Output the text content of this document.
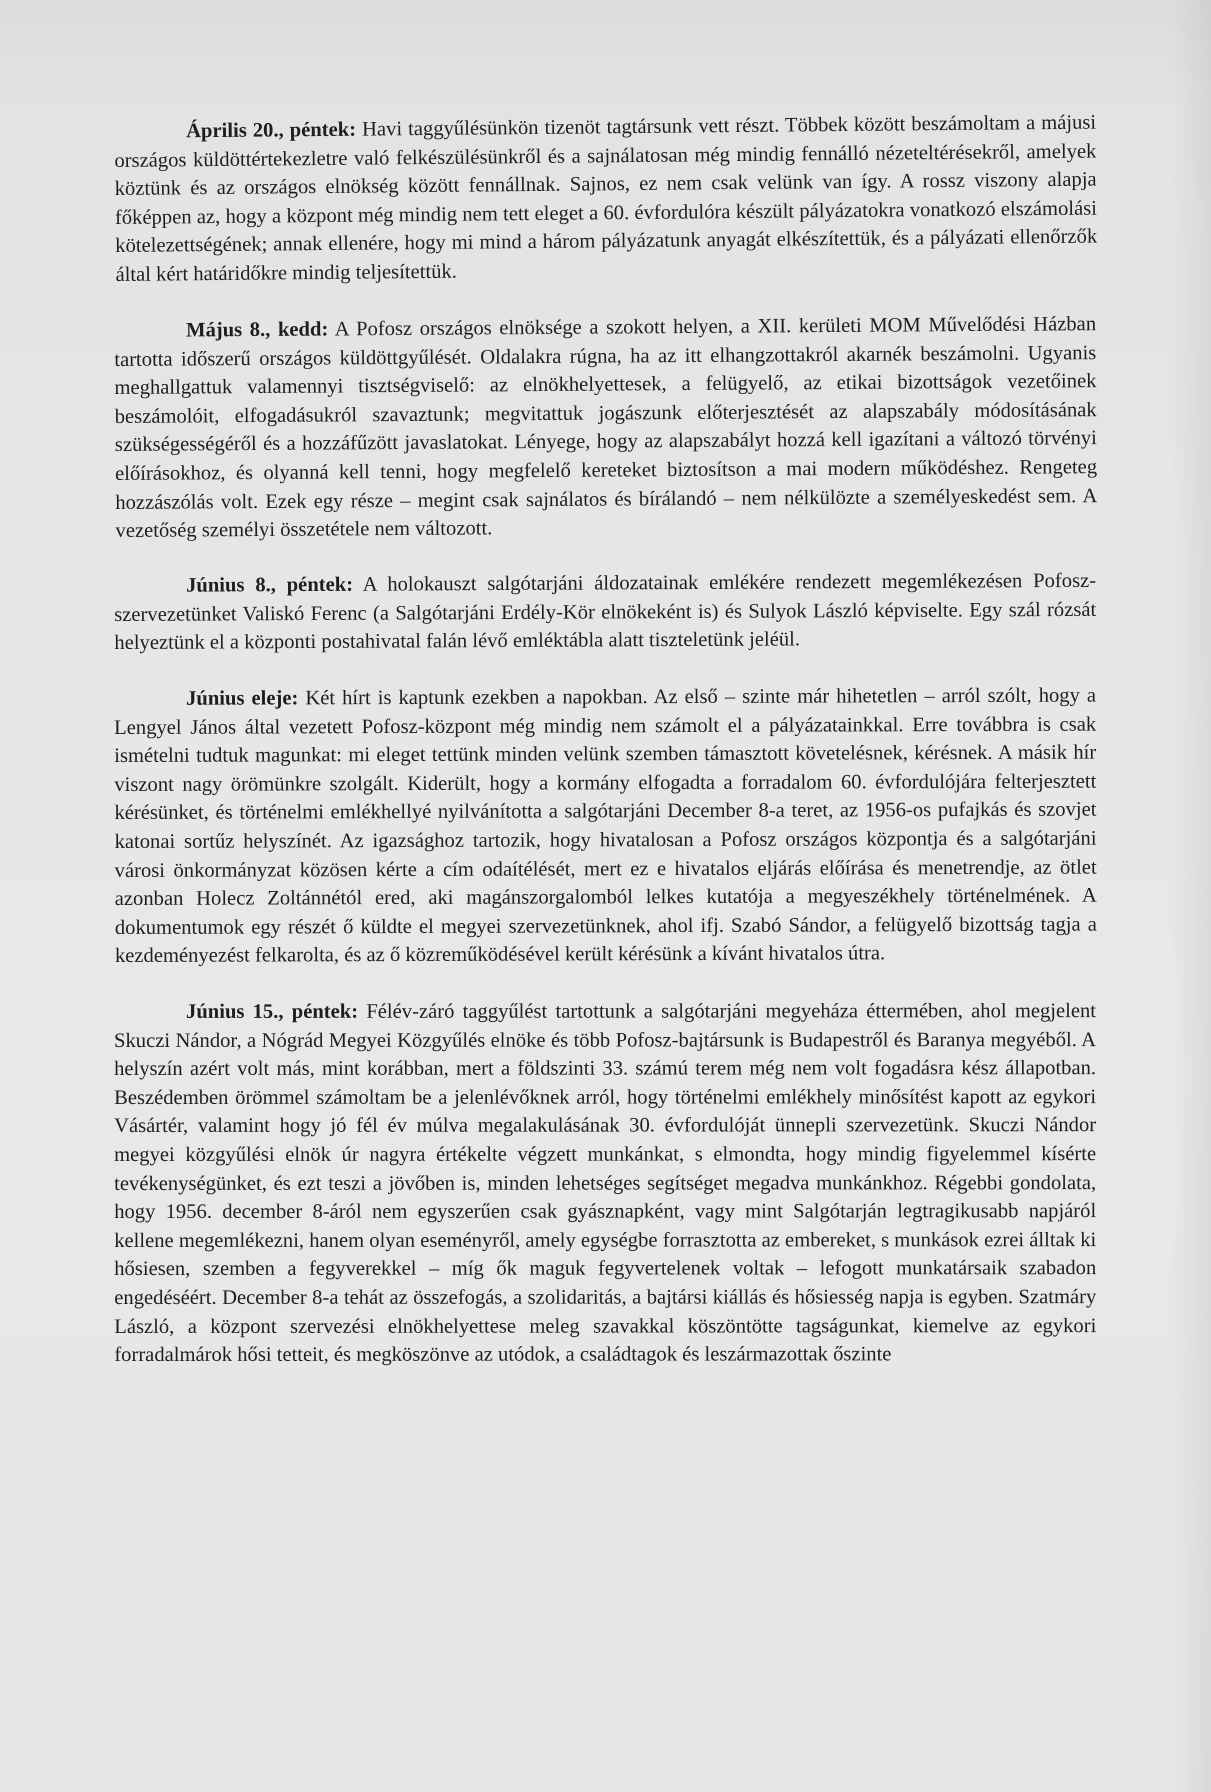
Április 20., péntek: Havi taggyűlésünkön tizenöt tagtársunk vett részt. Többek között beszámoltam a májusi országos küldöttértekezletre való felkészülésünkről és a sajnálatosan még mindig fennálló nézeteltérésekről, amelyek köztünk és az országos elnökség között fennállnak. Sajnos, ez nem csak velünk van így. A rossz viszony alapja főképpen az, hogy a központ még mindig nem tett eleget a 60. évfordulóra készült pályázatokra vonatkozó elszámolási kötelezettségének; annak ellenére, hogy mi mind a három pályázatunk anyagát elkészítettük, és a pályázati ellenőrzők által kért határidőkre mindig teljesítettük.

Május 8., kedd: A Pofosz országos elnöksége a szokott helyen, a XII. kerületi MOM Művelődési Házban tartotta időszerű országos küldöttgyűlését. Oldalakra rúgna, ha az itt elhangzottakról akarnék beszámolni. Ugyanis meghallgattuk valamennyi tisztségviselő: az elnökhelyettesek, a felügyelő, az etikai bizottságok vezetőinek beszámolóit, elfogadásukról szavaztunk; megvitattuk jogászunk előterjesztését az alapszabály módosításának szükségességéről és a hozzáfűzött javaslatokat. Lényege, hogy az alapszabályt hozzá kell igazítani a változó törvényi előírásokhoz, és olyanná kell tenni, hogy megfelelő kereteket biztosítson a mai modern működéshez. Rengeteg hozzászólás volt. Ezek egy része – megint csak sajnálatos és bírálandó – nem nélkülözte a személyeskedést sem. A vezetőség személyi összetétele nem változott.

Június 8., péntek: A holokauszt salgótarjáni áldozatainak emlékére rendezett megemlékezésen Pofosz-szervezetünket Valiskó Ferenc (a Salgótarjáni Erdély-Kör elnökeként is) és Sulyok László képviselte. Egy szál rózsát helyeztünk el a központi postahivatal falán lévő emléktábla alatt tiszteletünk jeléül.

Június eleje: Két hírt is kaptunk ezekben a napokban. Az első – szinte már hihetetlen – arról szólt, hogy a Lengyel János által vezetett Pofosz-központ még mindig nem számolt el a pályázatainkkal. Erre továbbra is csak ismételni tudtuk magunkat: mi eleget tettünk minden velünk szemben támasztott követelésnek, kérésnek. A másik hír viszont nagy örömünkre szolgált. Kiderült, hogy a kormány elfogadta a forradalom 60. évfordulójára felterjesztett kérésünket, és történelmi emlékhellyé nyilvánította a salgótarjáni December 8-a teret, az 1956-os pufajkás és szovjet katonai sortűz helyszínét. Az igazsághoz tartozik, hogy hivatalosan a Pofosz országos központja és a salgótarjáni városi önkormányzat közösen kérte a cím odaítélését, mert ez e hivatalos eljárás előírása és menetrendje, az ötlet azonban Holecz Zoltánnétól ered, aki magánszorgalomból lelkes kutatója a megyeszékhely történelmének. A dokumentumok egy részét ő küldte el megyei szervezetünknek, ahol ifj. Szabó Sándor, a felügyelő bizottság tagja a kezdeményezést felkarolta, és az ő közreműködésével került kérésünk a kívánt hivatalos útra.

Június 15., péntek: Félév-záró taggyűlést tartottunk a salgótarjáni megyeháza éttermében, ahol megjelent Skuczi Nándor, a Nógrád Megyei Közgyűlés elnöke és több Pofosz-bajtársunk is Budapestről és Baranya megyéből. A helyszín azért volt más, mint korábban, mert a földszinti 33. számú terem még nem volt fogadásra kész állapotban. Beszédemben örömmel számoltam be a jelenlévőknek arról, hogy történelmi emlékhely minősítést kapott az egykori Vásártér, valamint hogy jó fél év múlva megalakulásának 30. évfordulóját ünnepli szervezetünk. Skuczi Nándor megyei közgyűlési elnök úr nagyra értékelte végzett munkánkat, s elmondta, hogy mindig figyelemmel kísérte tevékenységünket, és ezt teszi a jövőben is, minden lehetséges segítséget megadva munkánkhoz. Régebbi gondolata, hogy 1956. december 8-áról nem egyszerűen csak gyásznapként, vagy mint Salgótarján legtragikusabb napjáról kellene megemlékezni, hanem olyan eseményről, amely egységbe forrasztotta az embereket, s munkások ezrei álltak ki hősiesen, szemben a fegyverekkel – míg ők maguk fegyvertelenek voltak – lefogott munkatársaik szabadon engedéséért. December 8-a tehát az összefogás, a szolidaritás, a bajtársi kiállás és hősiesség napja is egyben. Szatmáry László, a központ szervezési elnökhelyettese meleg szavakkal köszöntötte tagságunkat, kiemelve az egykori forradalmárok hősi tetteit, és megköszönve az utódok, a családtagok és leszármazottak őszinte
